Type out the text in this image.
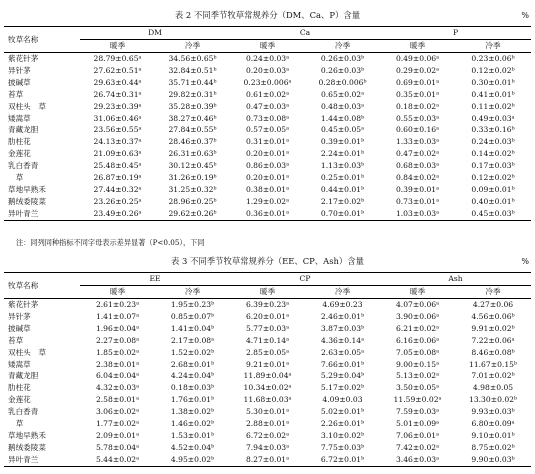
表 2 不同季节牧草常规养分（DM、Ca、P）含量	%
牧草名称	DM		Ca		P	
	暖季	冷季	暖季	冷季	暖季	冷季
紫花针茅	28.79±0.65ᵃ	34.56±0.65ᵇ	0.24±0.03ᵃ	0.26±0.03ᵇ	0.49±0.06ᵃ	0.23±0.06ᵇ
异针茅	27.62±0.51ᵃ	32.84±0.51ᵇ	0.20±0.03ᵃ	0.26±0.03ᵇ	0.29±0.02ᵃ	0.12±0.02ᵇ
披碱草	29.63±0.44ᵃ	35.71±0.44ᵇ	0.23±0.006ᵃ	0.28±0.006ᵇ	0.69±0.01ᵃ	0.30±0.01ᵇ
苔草	26.74±0.31ᵃ	29.82±0.31ᵇ	0.61±0.02ᵃ	0.65±0.02ᵃ	0.35±0.01ᵃ	0.41±0.01ᵇ
双柱头　草	29.23±0.39ᵃ	35.28±0.39ᵇ	0.47±0.03ᵃ	0.48±0.03ᵃ	0.18±0.02ᵃ	0.11±0.02ᵇ
矮嵩草	31.06±0.46ᵃ	38.27±0.46ᵇ	0.73±0.08ᵃ	1.44±0.08ᵇ	0.55±0.03ᵃ	0.49±0.03ᵃ
青藏龙胆	23.56±0.55ᵃ	27.84±0.55ᵇ	0.57±0.05ᵃ	0.45±0.05ᵃ	0.60±0.16ᵃ	0.33±0.16ᵇ
肋柱花	24.13±0.37ᵃ	28.46±0.37ᵇ	0.31±0.01ᵃ	0.39±0.01ᵇ	1.33±0.03ᵃ	0.24±0.03ᵇ
金莲花	21.09±0.63ᵃ	26.31±0.63ᵇ	0.20±0.01ᵃ	2.24±0.01ᵇ	0.47±0.02ᵃ	0.14±0.02ᵇ
乳白香青	25.48±0.45ᵃ	30.12±0.45ᵇ	0.86±0.03ᵃ	1.13±0.03ᵇ	0.68±0.03ᵃ	0.17±0.03ᵇ
　草	26.87±0.19ᵃ	31.26±0.19ᵇ	0.20±0.01ᵃ	0.25±0.01ᵇ	0.84±0.02ᵃ	0.12±0.02ᵇ
草地早熟禾	27.44±0.32ᵃ	31.25±0.32ᵇ	0.38±0.01ᵃ	0.44±0.01ᵇ	0.39±0.01ᵃ	0.09±0.01ᵇ
鹅绒委陵菜	23.26±0.25ᵃ	28.96±0.25ᵇ	1.29±0.02ᵃ	2.17±0.02ᵇ	0.73±0.01ᵃ	0.40±0.01ᵇ
异叶青兰	23.49±0.26ᵃ	29.62±0.26ᵇ	0.36±0.01ᵃ	0.70±0.01ᵇ	1.03±0.03ᵃ	0.45±0.03ᵇ
注：同列同种指标不同字母表示差异显著（P<0.05），下同
表 3 不同季节牧草常规养分（EE、CP、Ash）含量	%
牧草名称	EE		CP		Ash	
	暖季	冷季	暖季	冷季	暖季	冷季
紫花针茅	2.61±0.23ᵃ	1.95±0.23ᵇ	6.39±0.23ᵃ	4.69±0.23	4.07±0.06ᵃ	4.27±0.06
异针茅	1.41±0.07ᵃ	0.85±0.07ᵇ	6.20±0.01ᵃ	2.46±0.01ᵇ	3.90±0.06ᵃ	4.56±0.06ᵇ
披碱草	1.96±0.04ᵃ	1.41±0.04ᵇ	5.77±0.03ᵃ	3.87±0.03ᵇ	6.21±0.02ᵃ	9.91±0.02ᵇ
苔草	2.27±0.08ᵃ	2.17±0.08ᵃ	4.71±0.14ᵃ	4.36±0.14ᵃ	6.16±0.06ᵃ	7.22±0.06ᵃ
双柱头　草	1.85±0.02ᵃ	1.52±0.02ᵇ	2.85±0.05ᵃ	2.63±0.05ᵃ	7.05±0.08ᵃ	8.46±0.08ᵇ
矮嵩草	2.38±0.01ᵃ	2.68±0.01ᵇ	9.21±0.01ᵃ	7.66±0.01ᵇ	9.00±0.15ᵃ	11.67±0.15ᵇ
青藏龙胆	6.04±0.04ᵃ	4.24±0.04ᵇ	11.89±0.04ᵃ	5.29±0.04ᵇ	5.13±0.02ᵃ	7.01±0.02ᵇ
肋柱花	4.32±0.03ᵃ	0.18±0.03ᵇ	10.34±0.02ᵃ	5.17±0.02ᵇ	3.50±0.05ᵃ	4.98±0.05
金莲花	2.58±0.01ᵃ	1.76±0.01ᵇ	11.68±0.03ᵃ	4.09±0.03	11.59±0.02ᵃ	13.30±0.02ᵇ
乳白香青	3.06±0.02ᵃ	1.38±0.02ᵇ	5.30±0.01ᵃ	5.02±0.01ᵇ	7.59±0.03ᵃ	9.93±0.03ᵇ
　草	1.77±0.02ᵃ	1.46±0.02ᵇ	2.88±0.01ᵃ	2.26±0.01ᵇ	5.01±0.09ᵃ	6.80±0.09ᵃ
草地早熟禾	2.09±0.01ᵃ	1.53±0.01ᵇ	6.72±0.02ᵃ	3.10±0.02ᵇ	7.06±0.01ᵃ	9.10±0.01ᵇ
鹅绒委陵菜	5.78±0.04ᵃ	4.52±0.04ᵇ	7.94±0.03ᵃ	7.75±0.03ᵇ	7.42±0.02ᵃ	8.75±0.02ᵇ
异叶青兰	5.44±0.02ᵃ	4.95±0.02ᵇ	8.27±0.01ᵃ	6.72±0.01ᵇ	3.46±0.03ᵃ	9.90±0.03ᵇ
